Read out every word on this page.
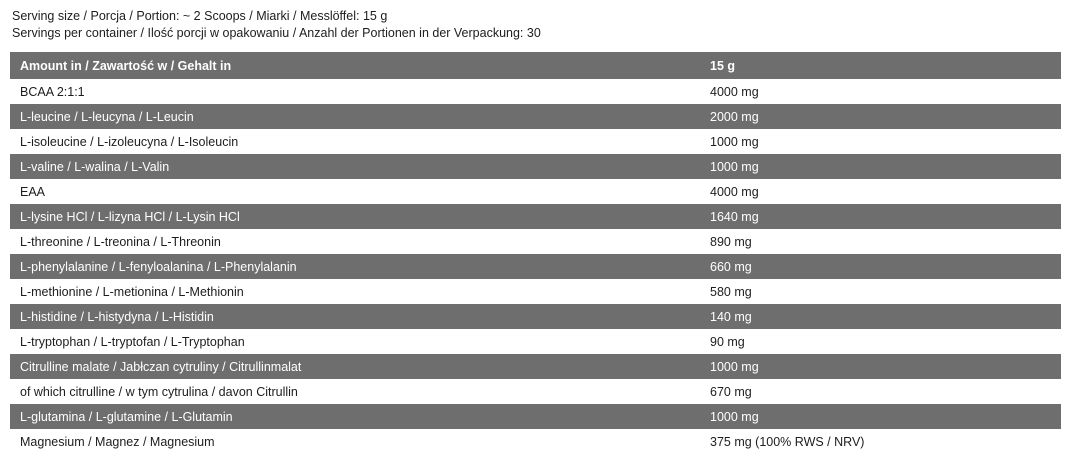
Serving size / Porcja / Portion: ~ 2 Scoops / Miarki / Messlöffel: 15 g
Servings per container / Ilość porcji w opakowaniu / Anzahl der Portionen in der Verpackung: 30
Amount in / Zawartość w / Gehalt in	15 g
BCAA 2:1:1	4000 mg
L-leucine / L-leucyna / L-Leucin	2000 mg
L-isoleucine / L-izoleucyna / L-Isoleucin	1000 mg
L-valine / L-walina / L-Valin	1000 mg
EAA	4000 mg
L-lysine HCl / L-lizyna HCl / L-Lysin HCl	1640 mg
L-threonine / L-treonina / L-Threonin	890 mg
L-phenylalanine / L-fenyloalanina / L-Phenylalanin	660 mg
L-methionine / L-metionina / L-Methionin	580 mg
L-histidine / L-histydyna / L-Histidin	140 mg
L-tryptophan / L-tryptofan / L-Tryptophan	90 mg
Citrulline malate / Jabłczan cytruliny / Citrullinmalat	1000 mg
of which citrulline / w tym cytrulina / davon Citrullin	670 mg
L-glutamina / L-glutamine / L-Glutamin	1000 mg
Magnesium / Magnez / Magnesium	375 mg (100% RWS / NRV)
